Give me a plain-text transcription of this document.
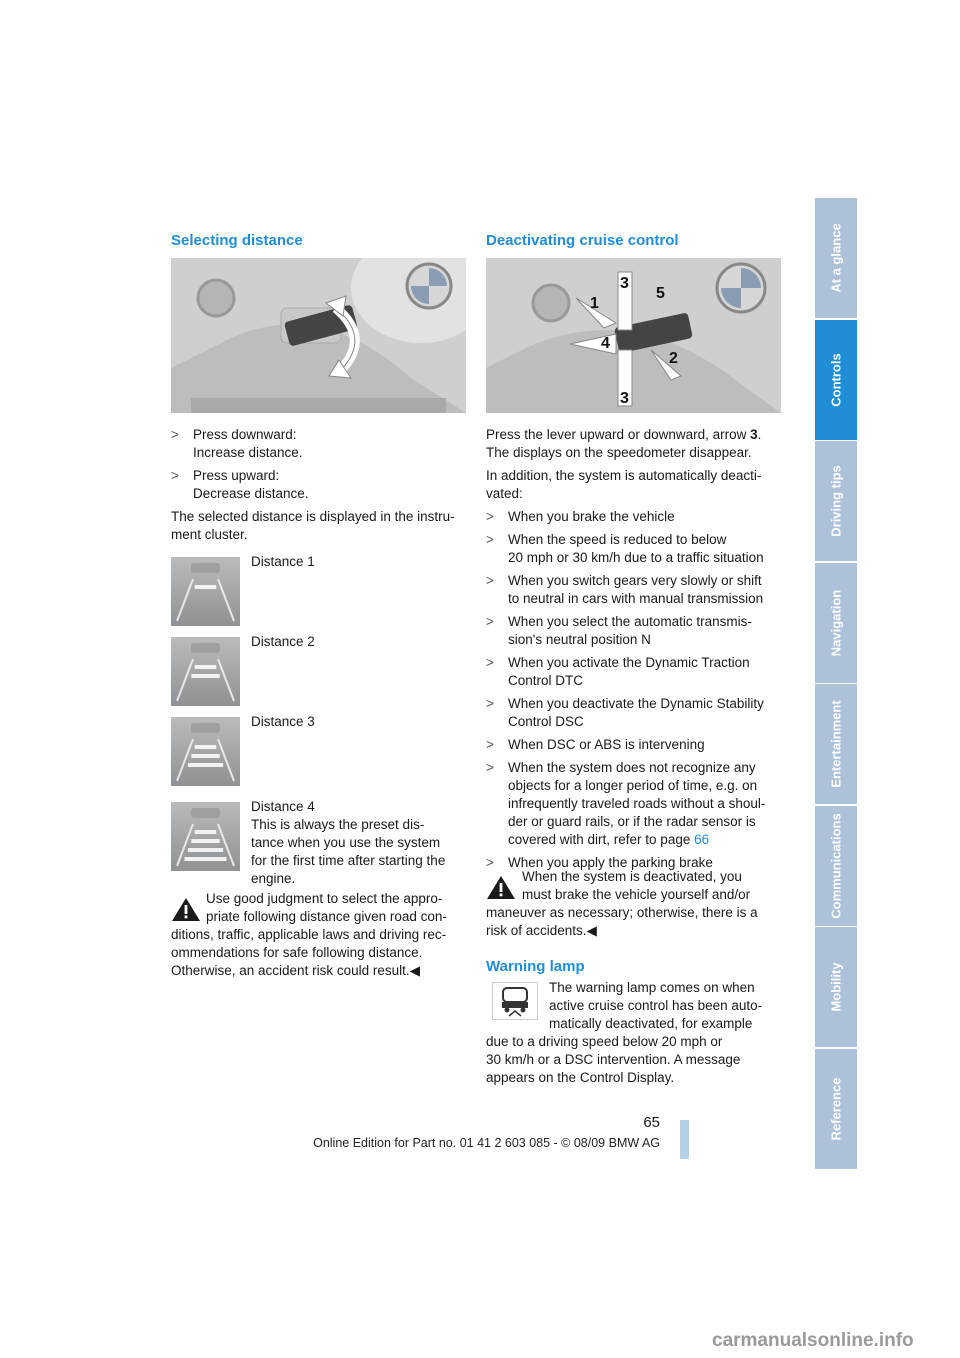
Selecting distance
> Press downward:
Increase distance.
> Press upward:
Decrease distance.
The selected distance is displayed in the instru-
ment cluster.
Distance 1
Distance 2
Distance 3
Distance 4
This is always the preset dis-
tance when you use the system
for the first time after starting the
engine.
Use good judgment to select the appro-
priate following distance given road con-
ditions, traffic, applicable laws and driving rec-
ommendations for safe following distance.
Otherwise, an accident risk could result.◀
Deactivating cruise control
1
2
3
3
4
5
Press the lever upward or downward, arrow 3.
The displays on the speedometer disappear.
In addition, the system is automatically deacti-
vated:
> When you brake the vehicle
> When the speed is reduced to below
20 mph or 30 km/h due to a traffic situation
> When you switch gears very slowly or shift
to neutral in cars with manual transmission
> When you select the automatic transmis-
sion's neutral position N
> When you activate the Dynamic Traction
Control DTC
> When you deactivate the Dynamic Stability
Control DSC
> When DSC or ABS is intervening
> When the system does not recognize any
objects for a longer period of time, e.g. on
infrequently traveled roads without a shoul-
der or guard rails, or if the radar sensor is
covered with dirt, refer to page 66
> When you apply the parking brake
When the system is deactivated, you
must brake the vehicle yourself and/or
maneuver as necessary; otherwise, there is a
risk of accidents.◀
Warning lamp
The warning lamp comes on when
active cruise control has been auto-
matically deactivated, for example
due to a driving speed below 20 mph or
30 km/h or a DSC intervention. A message
appears on the Control Display.
At a glance
Controls
Driving tips
Navigation
Entertainment
Communications
Mobility
Reference
65
Online Edition for Part no. 01 41 2 603 085 - © 08/09 BMW AG
carmanualsonline.info
